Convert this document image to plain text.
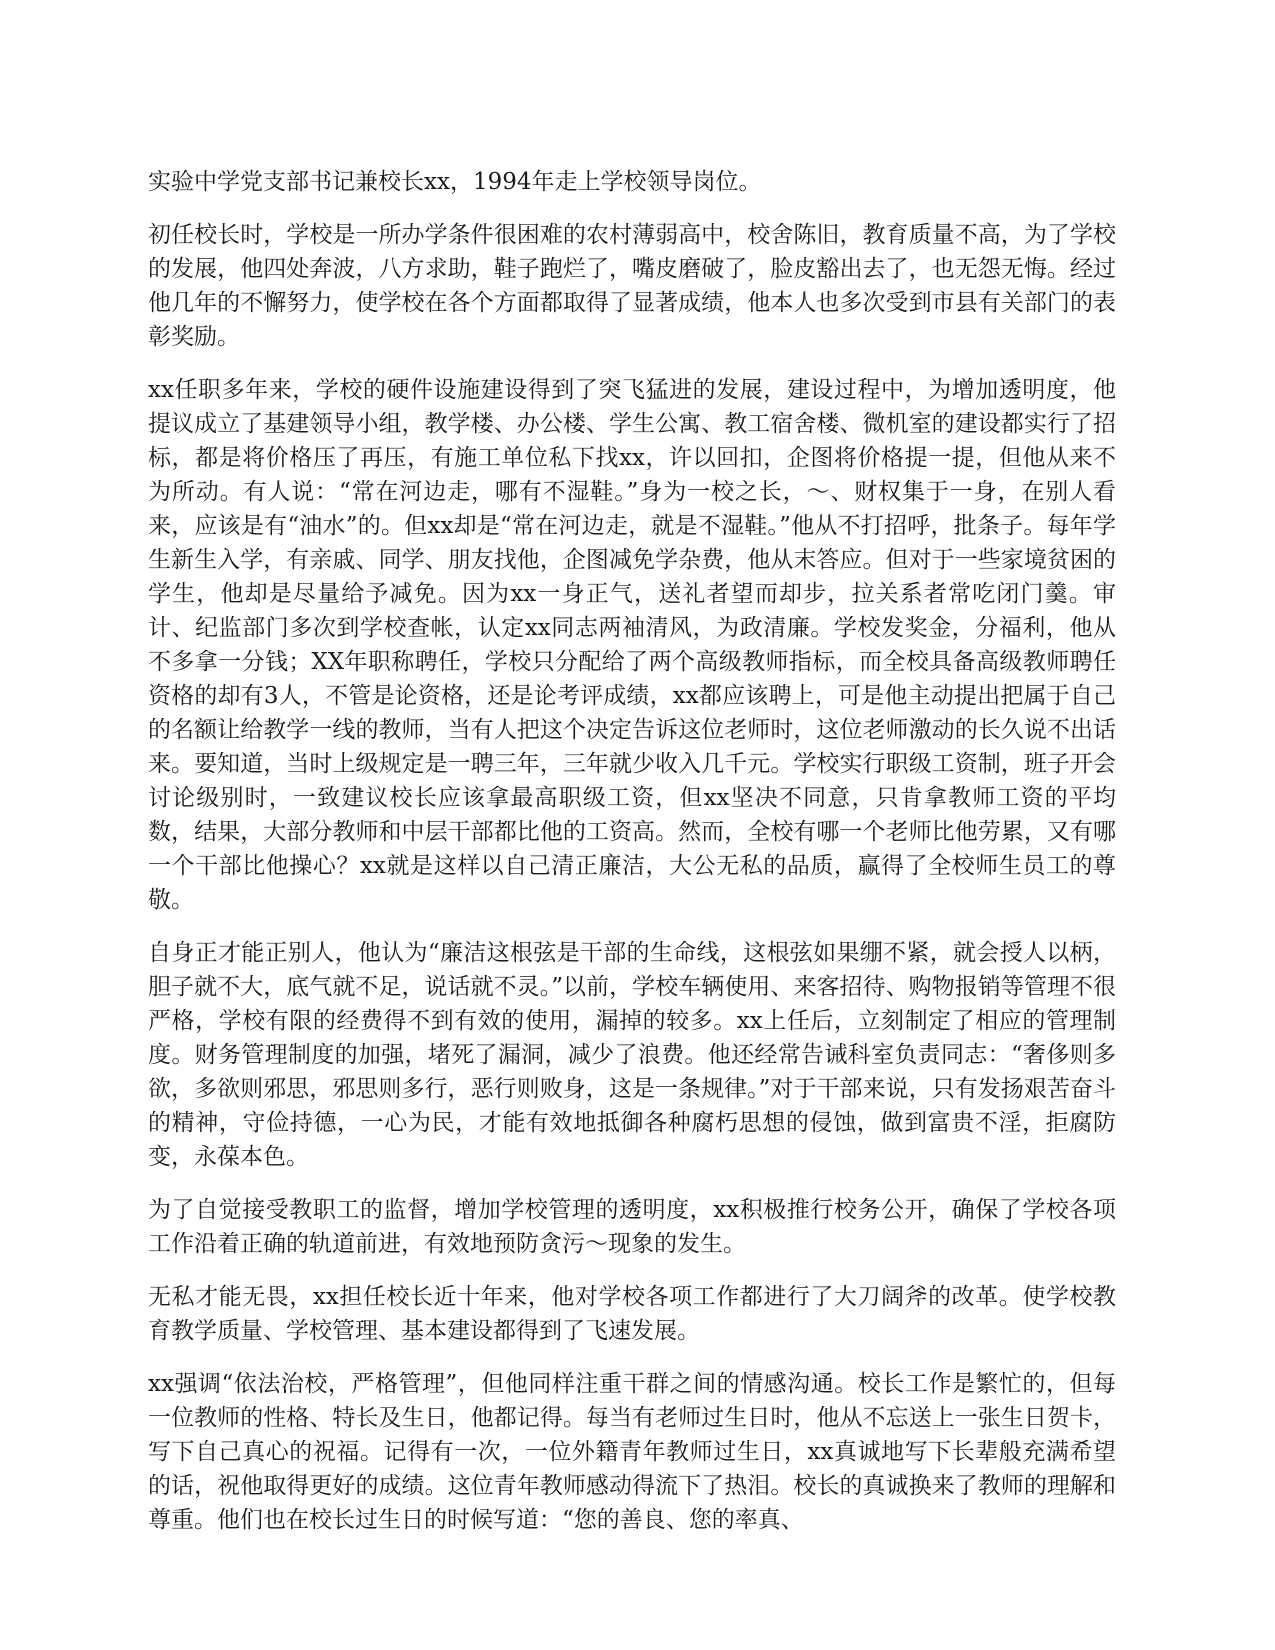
实验中学党支部书记兼校长xx，1994年走上学校领导岗位。

初任校长时，学校是一所办学条件很困难的农村薄弱高中，校舍陈旧，教育质量不高，为了学校的发展，他四处奔波，八方求助，鞋子跑烂了，嘴皮磨破了，脸皮豁出去了，也无怨无悔。经过他几年的不懈努力，使学校在各个方面都取得了显著成绩，他本人也多次受到市县有关部门的表彰奖励。

xx任职多年来，学校的硬件设施建设得到了突飞猛进的发展，建设过程中，为增加透明度，他提议成立了基建领导小组，教学楼、办公楼、学生公寓、教工宿舍楼、微机室的建设都实行了招标，都是将价格压了再压，有施工单位私下找xx，许以回扣，企图将价格提一提，但他从来不为所动。有人说：“常在河边走，哪有不湿鞋。”身为一校之长，～、财权集于一身，在别人看来，应该是有“油水”的。但xx却是“常在河边走，就是不湿鞋。”他从不打招呼，批条子。每年学生新生入学，有亲戚、同学、朋友找他，企图减免学杂费，他从末答应。但对于一些家境贫困的学生，他却是尽量给予减免。因为xx一身正气，送礼者望而却步，拉关系者常吃闭门羹。审计、纪监部门多次到学校查帐，认定xx同志两袖清风，为政清廉。学校发奖金，分福利，他从不多拿一分钱；XX年职称聘任，学校只分配给了两个高级教师指标，而全校具备高级教师聘任资格的却有3人，不管是论资格，还是论考评成绩，xx都应该聘上，可是他主动提出把属于自己的名额让给教学一线的教师，当有人把这个决定告诉这位老师时，这位老师激动的长久说不出话来。要知道，当时上级规定是一聘三年，三年就少收入几千元。学校实行职级工资制，班子开会讨论级别时，一致建议校长应该拿最高职级工资，但xx坚决不同意，只肯拿教师工资的平均数，结果，大部分教师和中层干部都比他的工资高。然而，全校有哪一个老师比他劳累，又有哪一个干部比他操心？xx就是这样以自己清正廉洁，大公无私的品质，赢得了全校师生员工的尊敬。

自身正才能正别人，他认为“廉洁这根弦是干部的生命线，这根弦如果绷不紧，就会授人以柄，胆子就不大，底气就不足，说话就不灵。”以前，学校车辆使用、来客招待、购物报销等管理不很严格，学校有限的经费得不到有效的使用，漏掉的较多。xx上任后，立刻制定了相应的管理制度。财务管理制度的加强，堵死了漏洞，减少了浪费。他还经常告诫科室负责同志：“奢侈则多欲，多欲则邪思，邪思则多行，恶行则败身，这是一条规律。”对于干部来说，只有发扬艰苦奋斗的精神，守俭持德，一心为民，才能有效地抵御各种腐朽思想的侵蚀，做到富贵不淫，拒腐防变，永葆本色。

为了自觉接受教职工的监督，增加学校管理的透明度，xx积极推行校务公开，确保了学校各项工作沿着正确的轨道前进，有效地预防贪污～现象的发生。

无私才能无畏，xx担任校长近十年来，他对学校各项工作都进行了大刀阔斧的改革。使学校教育教学质量、学校管理、基本建设都得到了飞速发展。

xx强调“依法治校，严格管理”，但他同样注重干群之间的情感沟通。校长工作是繁忙的，但每一位教师的性格、特长及生日，他都记得。每当有老师过生日时，他从不忘送上一张生日贺卡，写下自己真心的祝福。记得有一次，一位外籍青年教师过生日，xx真诚地写下长辈般充满希望的话，祝他取得更好的成绩。这位青年教师感动得流下了热泪。校长的真诚换来了教师的理解和尊重。他们也在校长过生日的时候写道：“您的善良、您的率真、
